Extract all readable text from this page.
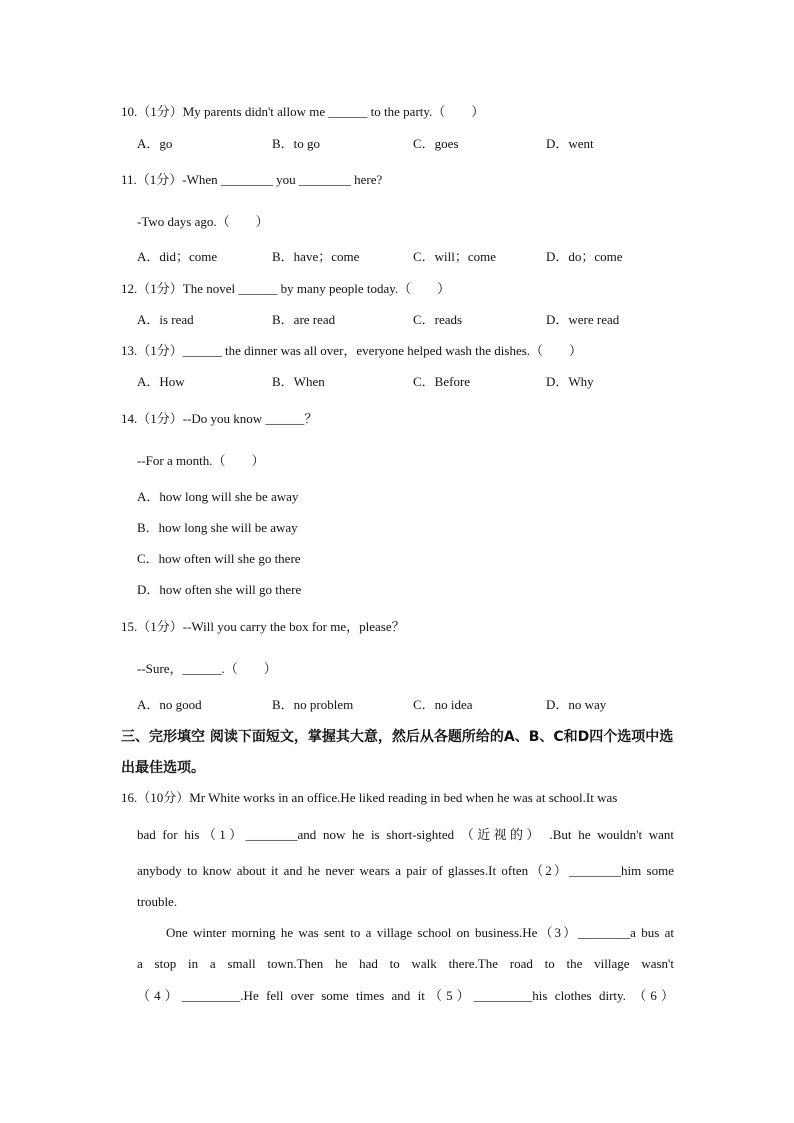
10.（1分）My parents didn't allow me ______ to the party.（　　）
A．go	B．to go	C．goes	D．went
11.（1分）-When ________ you ________ here?
-Two days ago.（　　）
A．did；come	B．have；come	C．will；come	D．do；come
12.（1分）The novel ______ by many people today.（　　）
A．is read	B．are read	C．reads	D．were read
13.（1分）______ the dinner was all over，everyone helped wash the dishes.（　　）
A．How	B．When	C．Before	D．Why
14.（1分）--Do you know ______？
--For a month.（　　）
A．how long will she be away
B．how long she will be away
C．how often will she go there
D．how often she will go there
15.（1分）--Will you carry the box for me，please？
--Sure，______.（　　）
A．no good	B．no problem	C．no idea	D．no way
三、完形填空 阅读下面短文，掌握其大意，然后从各题所给的A、B、C和D四个选项中选
出最佳选项。
16.（10分）Mr White works in an office.He liked reading in bed when he was at school.It was
bad for his（1）________and now he is short-sighted （近视的） .But he wouldn't want
anybody to know about it and he never wears a pair of glasses.It often（2）________him some
trouble.
One winter morning he was sent to a village school on business.He（3）________a bus at
a stop in a small town.Then he had to walk there.The road to the village wasn't
（4）_________.He fell over some times and it（5）_________his clothes dirty. （6）
